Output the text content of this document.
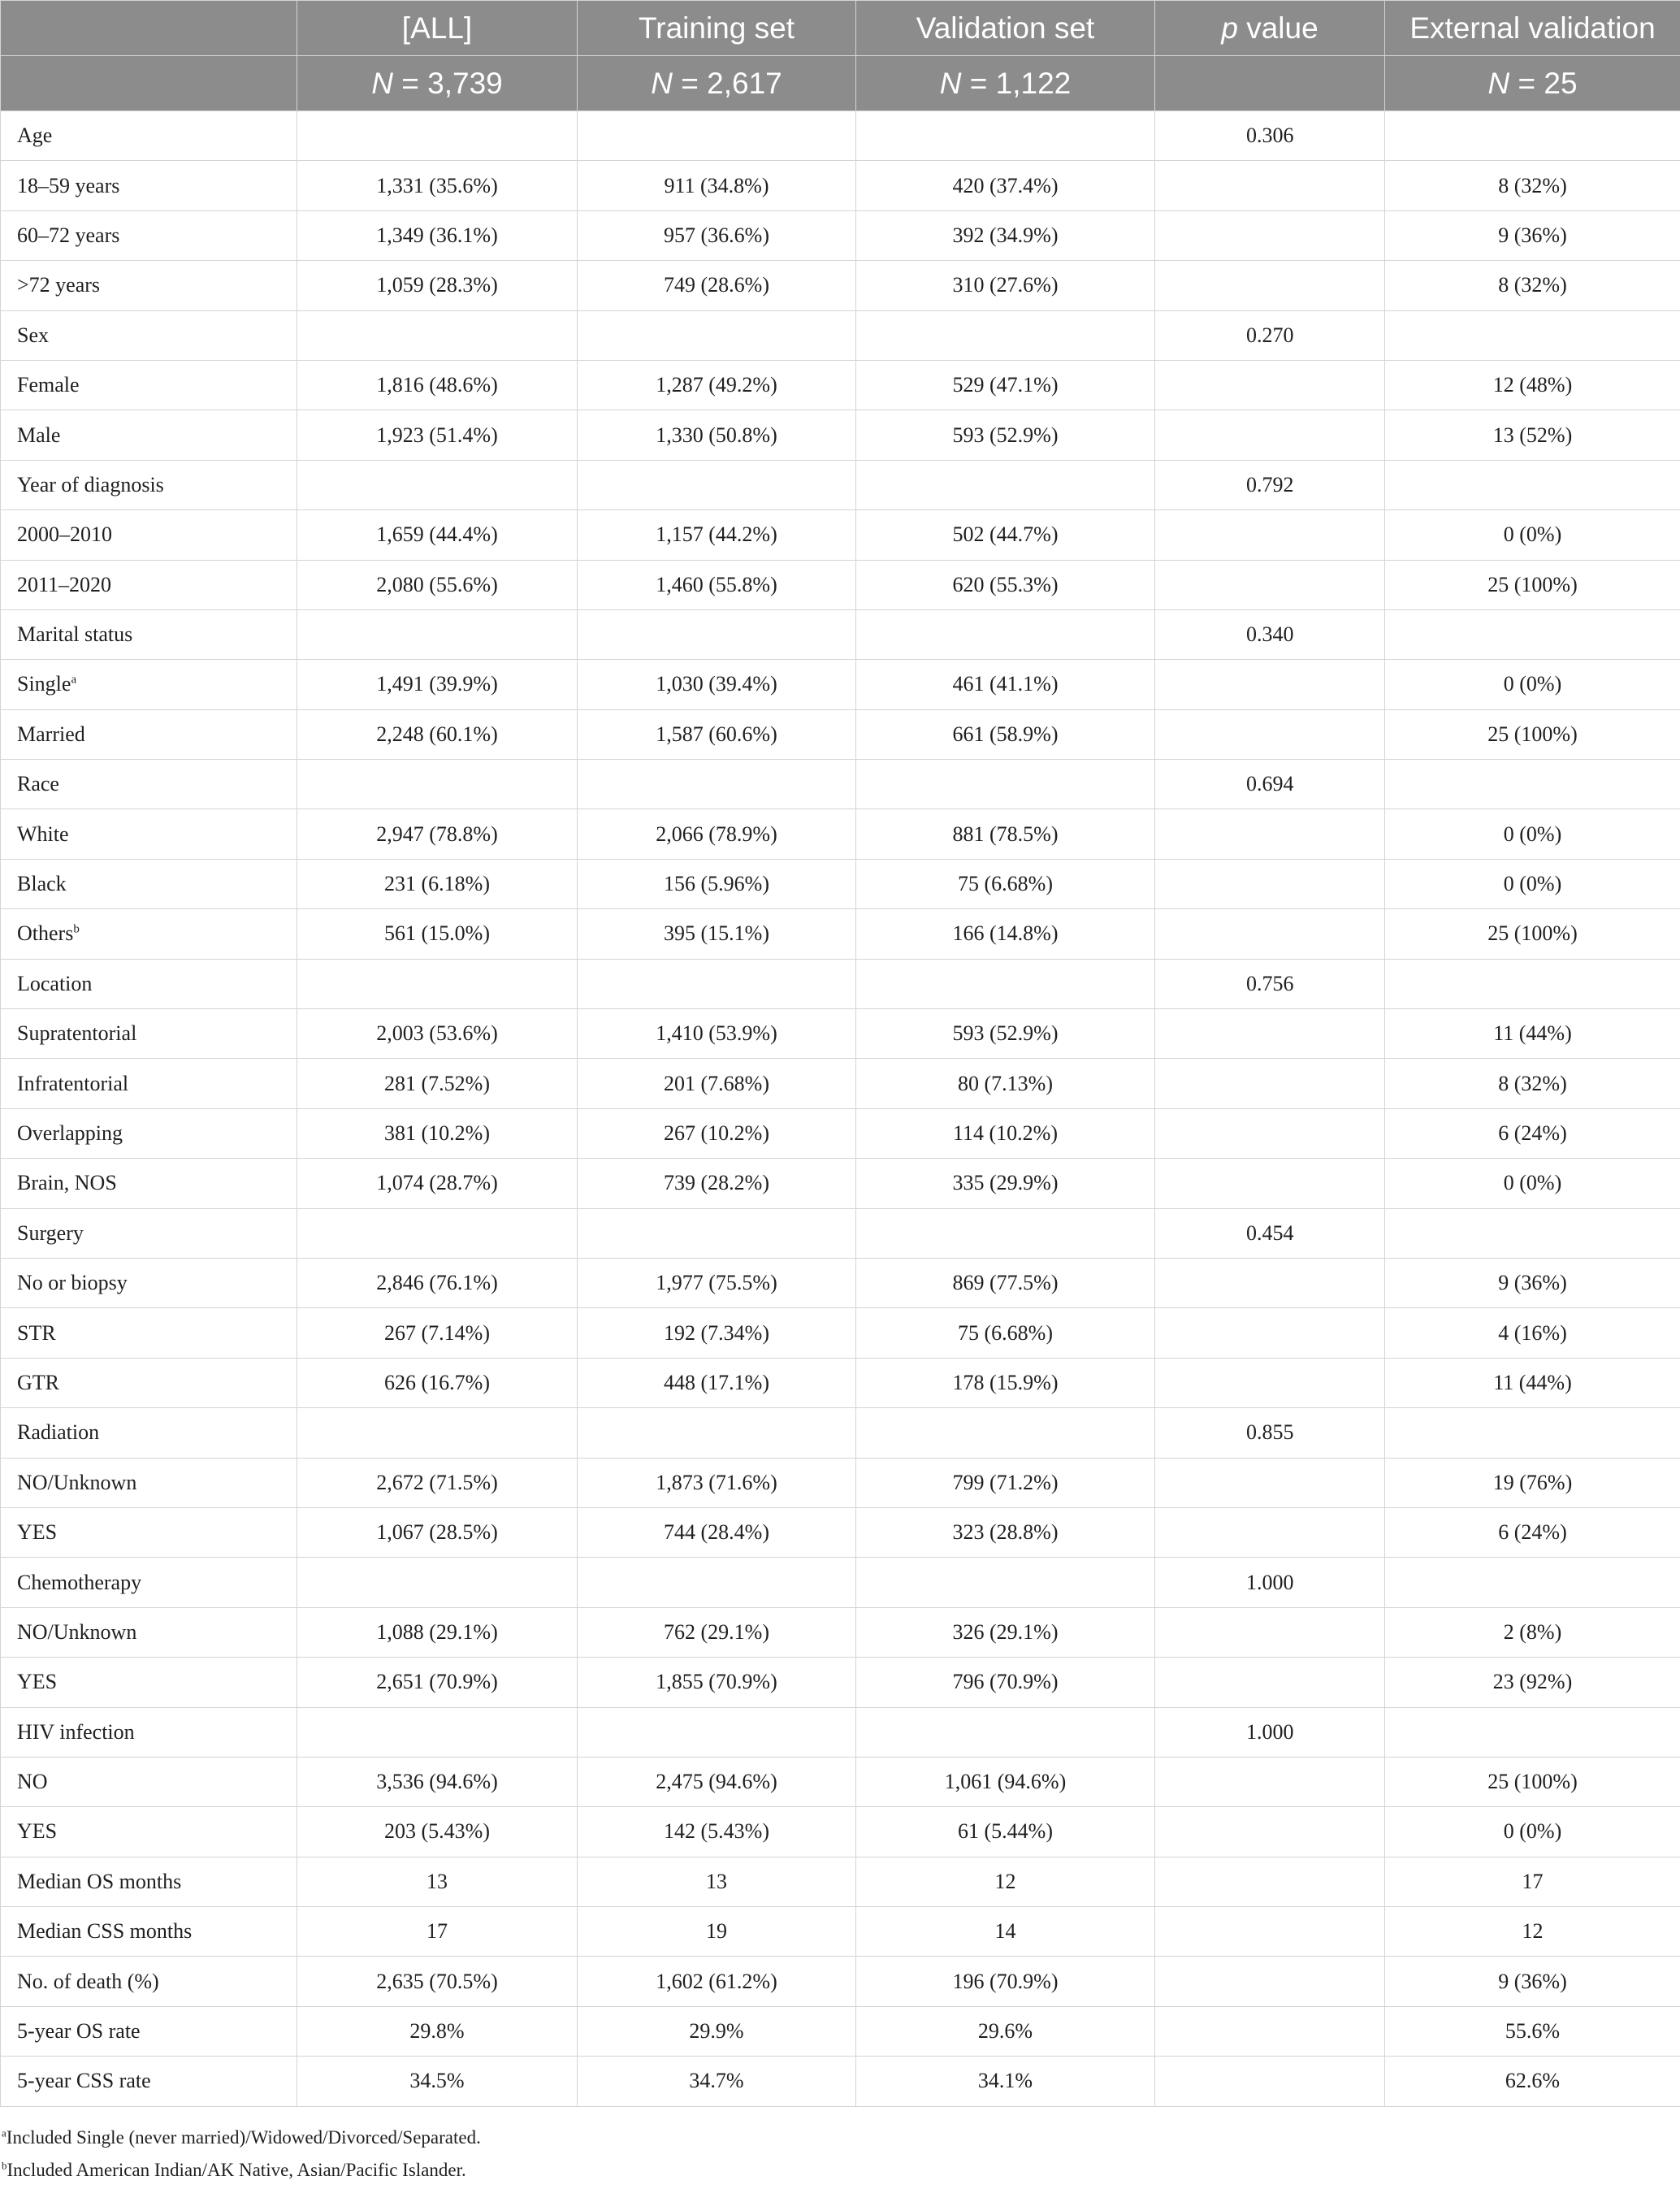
	[ALL]	Training set	Validation set	p value	External validation
	N = 3,739	N = 2,617	N = 1,122		N = 25
Age				0.306	
18–59 years	1,331 (35.6%)	911 (34.8%)	420 (37.4%)		8 (32%)
60–72 years	1,349 (36.1%)	957 (36.6%)	392 (34.9%)		9 (36%)
>72 years	1,059 (28.3%)	749 (28.6%)	310 (27.6%)		8 (32%)
Sex				0.270	
Female	1,816 (48.6%)	1,287 (49.2%)	529 (47.1%)		12 (48%)
Male	1,923 (51.4%)	1,330 (50.8%)	593 (52.9%)		13 (52%)
Year of diagnosis				0.792	
2000–2010	1,659 (44.4%)	1,157 (44.2%)	502 (44.7%)		0 (0%)
2011–2020	2,080 (55.6%)	1,460 (55.8%)	620 (55.3%)		25 (100%)
Marital status				0.340	
Single$^a$	1,491 (39.9%)	1,030 (39.4%)	461 (41.1%)		0 (0%)
Married	2,248 (60.1%)	1,587 (60.6%)	661 (58.9%)		25 (100%)
Race				0.694	
White	2,947 (78.8%)	2,066 (78.9%)	881 (78.5%)		0 (0%)
Black	231 (6.18%)	156 (5.96%)	75 (6.68%)		0 (0%)
Others$^b$	561 (15.0%)	395 (15.1%)	166 (14.8%)		25 (100%)
Location				0.756	
Supratentorial	2,003 (53.6%)	1,410 (53.9%)	593 (52.9%)		11 (44%)
Infratentorial	281 (7.52%)	201 (7.68%)	80 (7.13%)		8 (32%)
Overlapping	381 (10.2%)	267 (10.2%)	114 (10.2%)		6 (24%)
Brain, NOS	1,074 (28.7%)	739 (28.2%)	335 (29.9%)		0 (0%)
Surgery				0.454	
No or biopsy	2,846 (76.1%)	1,977 (75.5%)	869 (77.5%)		9 (36%)
STR	267 (7.14%)	192 (7.34%)	75 (6.68%)		4 (16%)
GTR	626 (16.7%)	448 (17.1%)	178 (15.9%)		11 (44%)
Radiation				0.855	
NO/Unknown	2,672 (71.5%)	1,873 (71.6%)	799 (71.2%)		19 (76%)
YES	1,067 (28.5%)	744 (28.4%)	323 (28.8%)		6 (24%)
Chemotherapy				1.000	
NO/Unknown	1,088 (29.1%)	762 (29.1%)	326 (29.1%)		2 (8%)
YES	2,651 (70.9%)	1,855 (70.9%)	796 (70.9%)		23 (92%)
HIV infection				1.000	
NO	3,536 (94.6%)	2,475 (94.6%)	1,061 (94.6%)		25 (100%)
YES	203 (5.43%)	142 (5.43%)	61 (5.44%)		0 (0%)
Median OS months	13	13	12		17
Median CSS months	17	19	14		12
No. of death (%)	2,635 (70.5%)	1,602 (61.2%)	196 (70.9%)		9 (36%)
5-year OS rate	29.8%	29.9%	29.6%		55.6%
5-year CSS rate	34.5%	34.7%	34.1%		62.6%
$^a$Included Single (never married)/Widowed/Divorced/Separated.
$^b$Included American Indian/AK Native, Asian/Pacific Islander.
